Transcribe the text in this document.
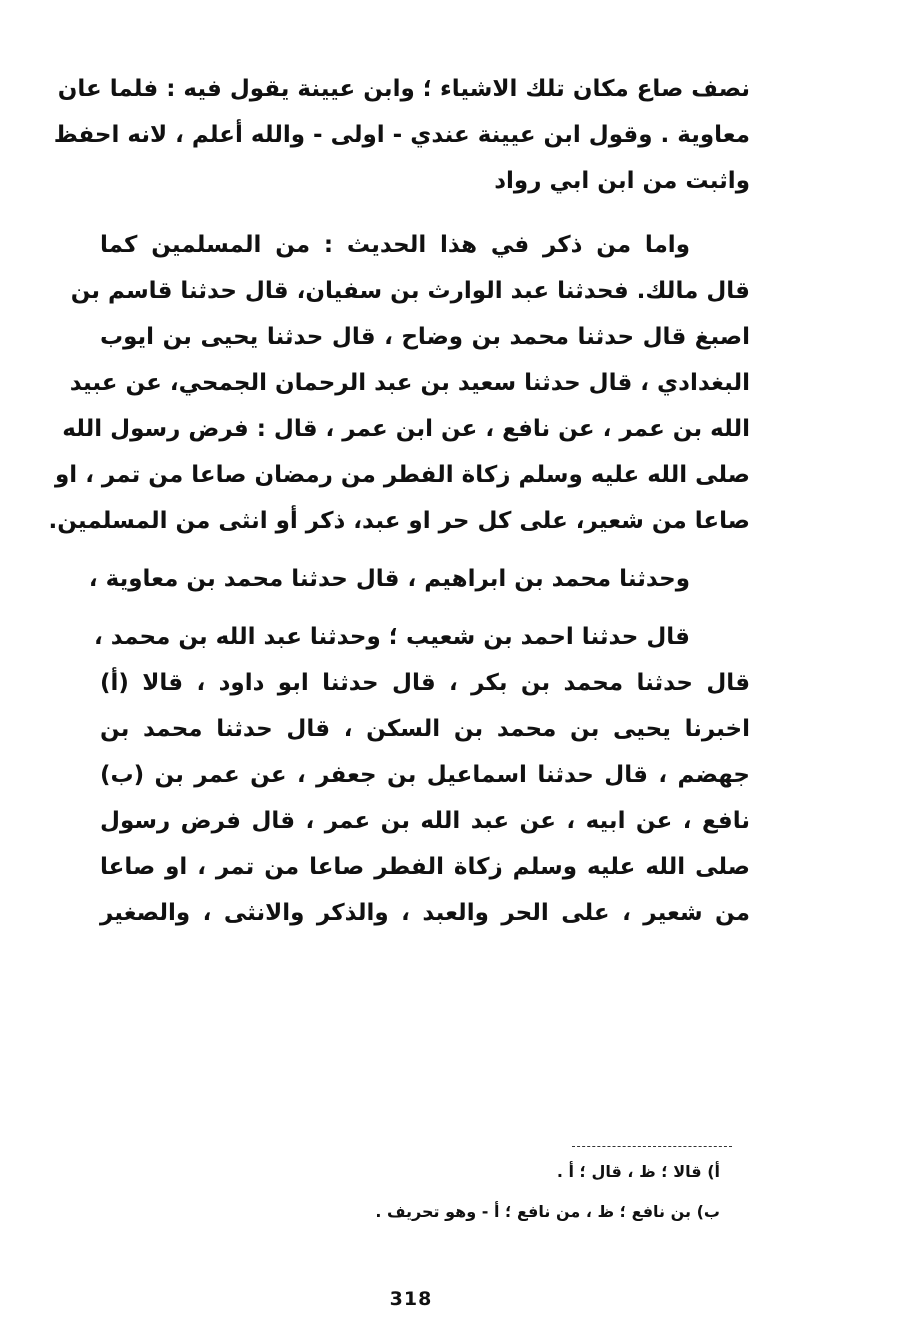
نصف صاع مكان تلك الاشياء ؛ وابن عيينة يقول فيه : فلما عان
معاوية . وقول ابن عيينة عندي - اولى - والله أعلم ، لانه احفظ
واثبت من ابن ابي رواد
واما من ذكر في هذا الحديث : من المسلمين كما
قال مالك. فحدثنا عبد الوارث بن سفيان، قال حدثنا قاسم بن
اصبغ قال حدثنا محمد بن وضاح ، قال حدثنا يحيى بن ايوب
البغدادي ، قال حدثنا سعيد بن عبد الرحمان الجمحي، عن عبيد
الله بن عمر ، عن نافع ، عن ابن عمر ، قال : فرض رسول الله
صلى الله عليه وسلم زكاة الفطر من رمضان صاعا من تمر ، او
صاعا من شعير، على كل حر او عبد، ذكر أو انثى من المسلمين.
وحدثنا محمد بن ابراهيم ، قال حدثنا محمد بن معاوية ،
قال حدثنا احمد بن شعيب ؛ وحدثنا عبد الله بن محمد ،
قال حدثنا محمد بن بكر ، قال حدثنا ابو داود ، قالا (أ)
اخبرنا يحيى بن محمد بن السكن ، قال حدثنا محمد بن
جهضم ، قال حدثنا اسماعيل بن جعفر ، عن عمر بن (ب)
نافع ، عن ابيه ، عن عبد الله بن عمر ، قال فرض رسول
صلى الله عليه وسلم زكاة الفطر صاعا من تمر ، او صاعا
من شعير ، على الحر والعبد ، والذكر والانثى ، والصغير
أ) قالا ؛ ظ ، قال ؛ أ .
ب) بن نافع ؛ ظ ، من نافع ؛ أ - وهو تحريف .
318
